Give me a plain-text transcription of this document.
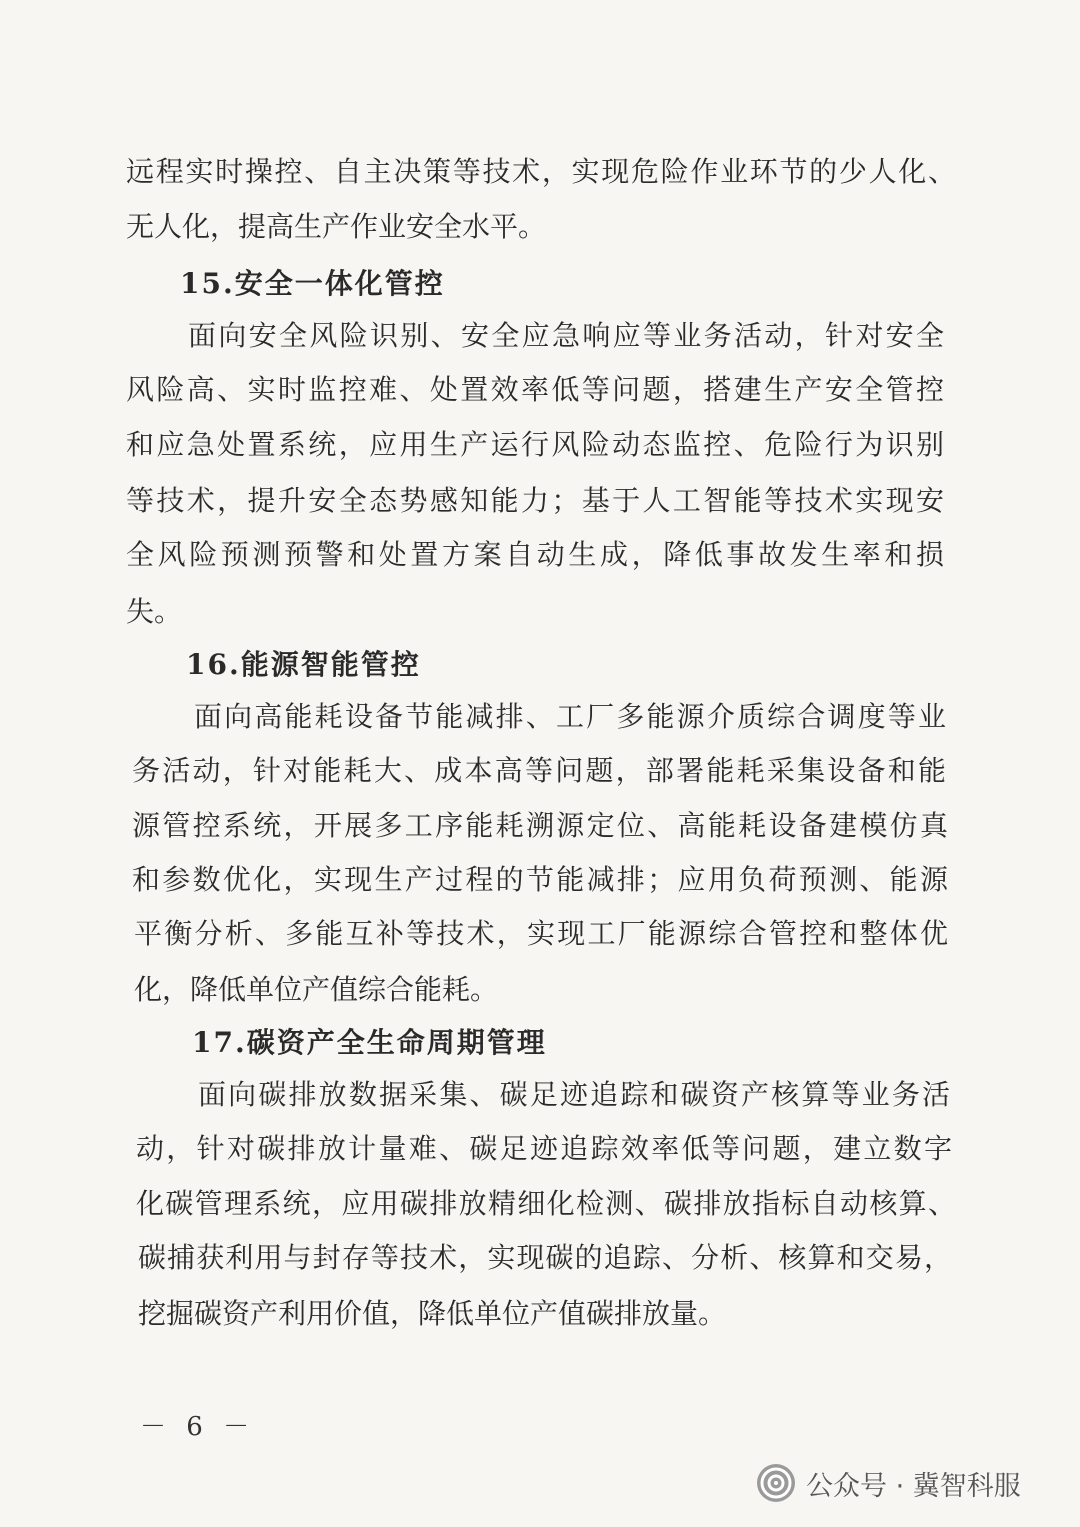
远程实时操控、自主决策等技术，实现危险作业环节的少人化、
无人化，提高生产作业安全水平。
15.安全一体化管控
面向安全风险识别、安全应急响应等业务活动，针对安全
风险高、实时监控难、处置效率低等问题，搭建生产安全管控
和应急处置系统，应用生产运行风险动态监控、危险行为识别
等技术，提升安全态势感知能力；基于人工智能等技术实现安
全风险预测预警和处置方案自动生成，降低事故发生率和损
失。
16.能源智能管控
面向高能耗设备节能减排、工厂多能源介质综合调度等业
务活动，针对能耗大、成本高等问题，部署能耗采集设备和能
源管控系统，开展多工序能耗溯源定位、高能耗设备建模仿真
和参数优化，实现生产过程的节能减排；应用负荷预测、能源
平衡分析、多能互补等技术，实现工厂能源综合管控和整体优
化，降低单位产值综合能耗。
17.碳资产全生命周期管理
面向碳排放数据采集、碳足迹追踪和碳资产核算等业务活
动，针对碳排放计量难、碳足迹追踪效率低等问题，建立数字
化碳管理系统，应用碳排放精细化检测、碳排放指标自动核算、
碳捕获利用与封存等技术，实现碳的追踪、分析、核算和交易，
挖掘碳资产利用价值，降低单位产值碳排放量。
－ 6 －
公众号 · 冀智科服
